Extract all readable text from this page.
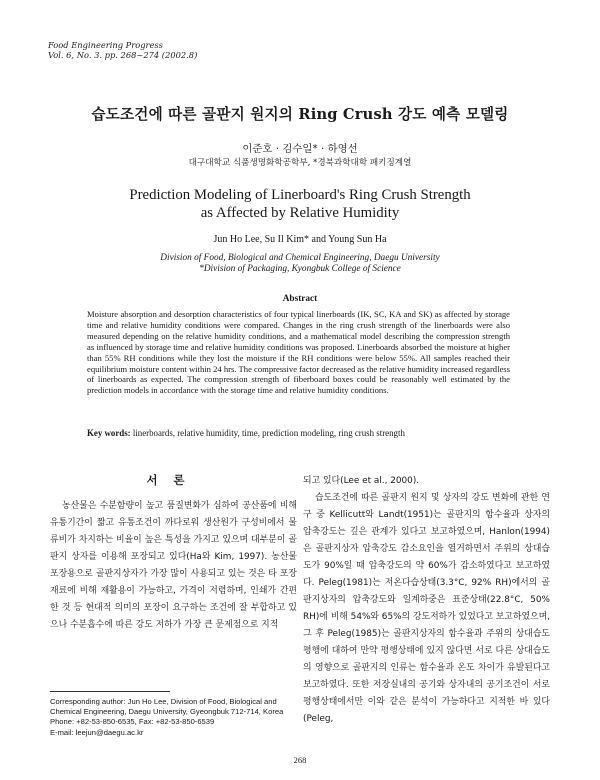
Food Engineering Progress
Vol. 6, No. 3. pp. 268~274 (2002.8)
습도조건에 따른 골판지 원지의 Ring Crush 강도 예측 모델링
이준호 · 김수일* · 하영선
대구대학교 식품생명화학공학부, *경북과학대학 패키징계열
Prediction Modeling of Linerboard's Ring Crush Strength
as Affected by Relative Humidity
Jun Ho Lee, Su Il Kim* and Young Sun Ha
Division of Food, Biological and Chemical Engineering, Daegu University
*Division of Packaging, Kyongbuk College of Science
Abstract
Moisture absorption and desorption characteristics of four typical linerboards (IK, SC, KA and SK) as affected by storage time and relative humidity conditions were compared. Changes in the ring crush strength of the linerboards were also measured depending on the relative humidity conditions, and a mathematical model describing the compression strength as influenced by storage time and relative humidity conditions was proposed. Linerboards absorbed the moisture at higher than 55% RH conditions while they lost the moisture if the RH conditions were below 55%. All samples reached their equilibrium moisture content within 24 hrs. The compressive factor decreased as the relative humidity increased regardless of linerboards as expected. The compression strength of fiberboard boxes could be reasonably well estimated by the prediction models in accordance with the storage time and relative humidity conditions.
Key words: linerboards, relative humidity, time, prediction modeling, ring crush strength
서론

농산물은 수분함량이 높고 품질변화가 심하여 공산품에 비해 유통기간이 짧고 유통조건이 까다로워 생산원가 구성비에서 물류비가 차지하는 비율이 높은 특성을 가지고 있으며 대부분이 골판지 상자를 이용해 포장되고 있다(Ha와 Kim, 1997). 농산물 포장용으로 골판지상자가 가장 많이 사용되고 있는 것은 타 포장재료에 비해 재활용이 가능하고, 가격이 저렴하며, 인쇄가 간편한 것 등 현대적 의미의 포장이 요구하는 조건에 잘 부합하고 있으나 수분흡수에 따른 강도 저하가 가장 큰 문제점으로 지적

되고 있다(Lee et al., 2000).

습도조건에 따른 골판지 원지 및 상자의 강도 변화에 관한 연구 중 Kellicutt와 Landt(1951)는 골판지의 함수율과 상자의 압축강도는 깊은 관계가 있다고 보고하였으며, Hanlon(1994)은 골판지상자 압축강도 감소요인을 열거하면서 주위의 상대습도가 90%일 때 압축강도의 약 60%가 감소하였다고 보고하였다. Peleg(1981)는 저온다습상태(3.3°C, 92% RH)에서의 골판지상자의 압축강도와 일계하중은 표준상태(22.8°C, 50% RH)에 비해 54%와 65%의 강도저하가 있었다고 보고하였으며, 그 후 Peleg(1985)는 골판지상자의 함수율과 주위의 상대습도 평행에 대하여 만약 평행상태에 있지 않다면 서로 다른 상대습도의 영향으로 골판지의 인류는 함수율과 온도 차이가 유발된다고 보고하였다. 또한 저장실내의 공기와 상자내의 공기조건이 서로 평행상태에서만 이와 같은 분석이 가능하다고 지적한 바 있다(Peleg,

Corresponding author: Jun Ho Lee, Division of Food, Biological and Chemical Engineering, Daegu University, Gyeongbuk 712-714, Korea
Phone: +82-53-850-6535, Fax: +82-53-850-6539
E-mail: leejun@daegu.ac.kr
268
